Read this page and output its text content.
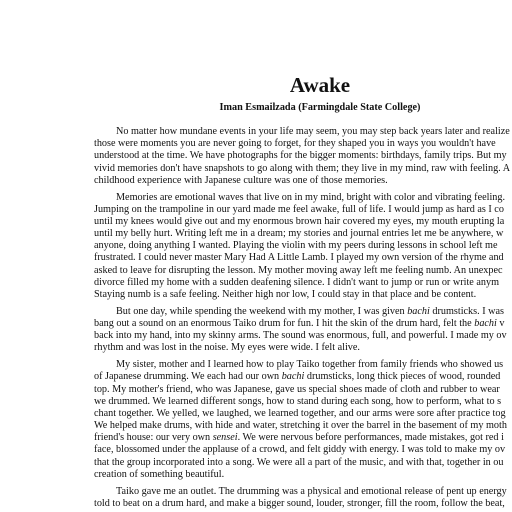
Awake
Iman Esmailzada (Farmingdale State College)
No matter how mundane events in your life may seem, you may step back years later and realize
those were moments you are never going to forget, for they shaped you in ways you wouldn't have
understood at the time. We have photographs for the bigger moments: birthdays, family trips. But my
vivid memories don't have snapshots to go along with them; they live in my mind, raw with feeling. A
childhood experience with Japanese culture was one of those memories.
Memories are emotional waves that live on in my mind, bright with color and vibrating feeling.
Jumping on the trampoline in our yard made me feel awake, full of life. I would jump as hard as I co
until my knees would give out and my enormous brown hair covered my eyes, my mouth erupting la
until my belly hurt. Writing left me in a dream; my stories and journal entries let me be anywhere, w
anyone, doing anything I wanted. Playing the violin with my peers during lessons in school left me
frustrated. I could never master Mary Had A Little Lamb. I played my own version of the rhyme and
asked to leave for disrupting the lesson. My mother moving away left me feeling numb. An unexpec
divorce filled my home with a sudden deafening silence. I didn't want to jump or run or write anym
Staying numb is a safe feeling. Neither high nor low, I could stay in that place and be content.
But one day, while spending the weekend with my mother, I was given bachi drumsticks. I was
bang out a sound on an enormous Taiko drum for fun. I hit the skin of the drum hard, felt the bachi v
back into my hand, into my skinny arms. The sound was enormous, full, and powerful. I made my ov
rhythm and was lost in the noise. My eyes were wide. I felt alive.
My sister, mother and I learned how to play Taiko together from family friends who showed us
of Japanese drumming. We each had our own bachi drumsticks, long thick pieces of wood, rounded
top. My mother's friend, who was Japanese, gave us special shoes made of cloth and rubber to wear
we drummed. We learned different songs, how to stand during each song, how to perform, what to s
chant together. We yelled, we laughed, we learned together, and our arms were sore after practice tog
We helped make drums, with hide and water, stretching it over the barrel in the basement of my moth
friend's house: our very own sensei. We were nervous before performances, made mistakes, got red i
face, blossomed under the applause of a crowd, and felt giddy with energy. I was told to make my ov
that the group incorporated into a song. We were all a part of the music, and with that, together in ou
creation of something beautiful.
Taiko gave me an outlet. The drumming was a physical and emotional release of pent up energy
told to beat on a drum hard, and make a bigger sound, louder, stronger, fill the room, follow the beat,
